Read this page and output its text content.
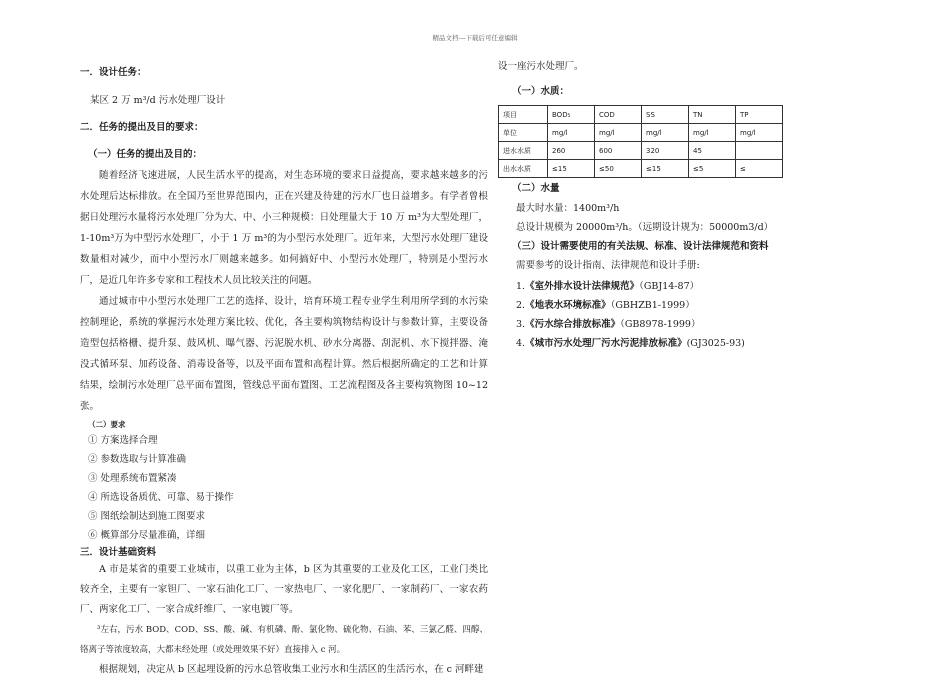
精品文档---下载后可任意编辑

一．设计任务：

某区 2 万 m³/d 污水处理厂设计

二．任务的提出及目的要求：

（一）任务的提出及目的：

随着经济飞速进展，人民生活水平的提高，对生态环境的要求日益提高，要求越来越多的污水处理后达标排放。在全国乃至世界范围内，正在兴建及待建的污水厂也日益增多。有学者曾根据日处理污水量将污水处理厂分为大、中、小三种规模：日处理量大于 10 万 m³为大型处理厂，1-10m³万为中型污水处理厂，小于 1 万 m³的为小型污水处理厂。近年来，大型污水处理厂建设数量相对减少，而中小型污水厂则越来越多。如何搞好中、小型污水处理厂，特别是小型污水厂，是近几年许多专家和工程技术人员比较关注的问题。

通过城市中小型污水处理厂工艺的选择、设计，培育环境工程专业学生利用所学到的水污染控制理论，系统的掌握污水处理方案比较、优化，各主要构筑物结构设计与参数计算，主要设备造型包括格栅、提升泵、鼓风机、曝气器、污泥脱水机、砂水分离器、刮泥机、水下搅拌器、淹没式循环泵、加药设备、消毒设备等，以及平面布置和高程计算。然后根据所确定的工艺和计算结果，绘制污水处理厂总平面布置图，管线总平面布置图、工艺流程图及各主要构筑物图 10~12 张。

（二）要求

① 方案选择合理

② 参数选取与计算准确

③ 处理系统布置紧凑

④ 所选设备质优、可靠、易于操作

⑤ 图纸绘制达到施工图要求

⑥ 概算部分尽量准确，详细

三．设计基础资料

A 市是某省的重要工业城市，以重工业为主体，b 区为其重要的工业及化工区，工业门类比较齐全，主要有一家钽厂、一家石油化工厂、一家热电厂、一家化肥厂、一家制药厂、一家农药厂、两家化工厂、一家合成纤维厂、一家电镀厂等。

³左右，污水 BOD、COD、SS、酸、碱、有机磷、酚、氯化物、硫化物、石油、苯、三氯乙醛、四醇、铬离子等浓度较高，大都未经处理（或处理效果不好）直接排入 c 河。

根据规划，决定从 b 区起埋设新的污水总管收集工业污水和生活区的生活污水，在 c 河畔建

设一座污水处理厂。

（一）水质：

项目	BOD₅	COD	SS	TN	TP
单位	mg/l	mg/l	mg/l	mg/l	mg/l
进水水质	260	600	320	45	
出水水质	≤15	≤50	≤15	≤5	≤

（二）水量

最大时水量：1400m³/h

总设计规模为 20000m³/h。（远期设计规为：50000m3/d）

（三）设计需要使用的有关法规、标准、设计法律规范和资料

需要参考的设计指南、法律规范和设计手册:

1.《室外排水设计法律规范》（GBJ14-87）

2.《地表水环境标准》（GBHZB1-1999）

3.《污水综合排放标准》（GB8978-1999）

4.《城市污水处理厂污水污泥排放标准》(GJ3025-93)
